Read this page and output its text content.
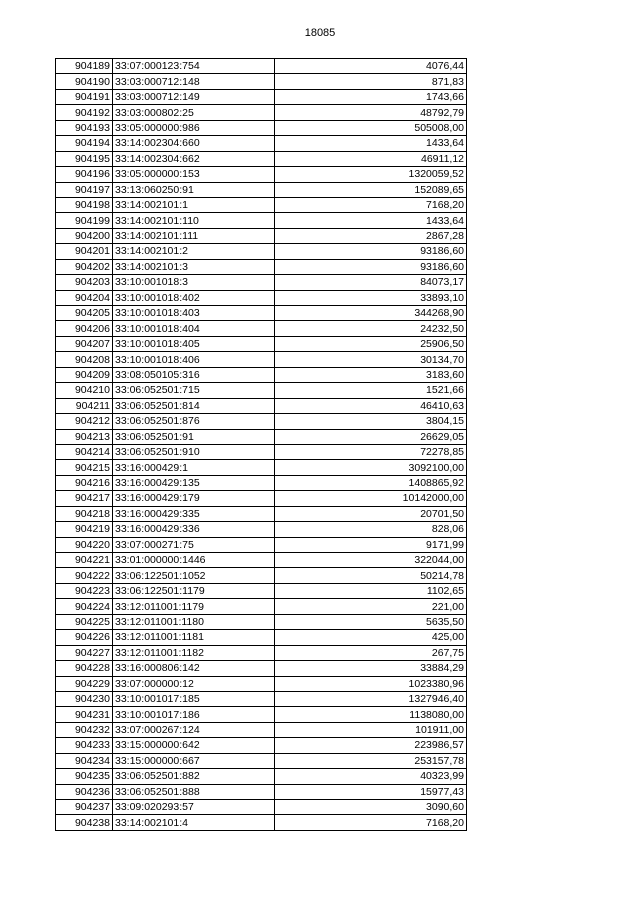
18085
904189	33:07:000123:754	4076,44
904190	33:03:000712:148	871,83
904191	33:03:000712:149	1743,66
904192	33:03:000802:25	48792,79
904193	33:05:000000:986	505008,00
904194	33:14:002304:660	1433,64
904195	33:14:002304:662	46911,12
904196	33:05:000000:153	1320059,52
904197	33:13:060250:91	152089,65
904198	33:14:002101:1	7168,20
904199	33:14:002101:110	1433,64
904200	33:14:002101:111	2867,28
904201	33:14:002101:2	93186,60
904202	33:14:002101:3	93186,60
904203	33:10:001018:3	84073,17
904204	33:10:001018:402	33893,10
904205	33:10:001018:403	344268,90
904206	33:10:001018:404	24232,50
904207	33:10:001018:405	25906,50
904208	33:10:001018:406	30134,70
904209	33:08:050105:316	3183,60
904210	33:06:052501:715	1521,66
904211	33:06:052501:814	46410,63
904212	33:06:052501:876	3804,15
904213	33:06:052501:91	26629,05
904214	33:06:052501:910	72278,85
904215	33:16:000429:1	3092100,00
904216	33:16:000429:135	1408865,92
904217	33:16:000429:179	10142000,00
904218	33:16:000429:335	20701,50
904219	33:16:000429:336	828,06
904220	33:07:000271:75	9171,99
904221	33:01:000000:1446	322044,00
904222	33:06:122501:1052	50214,78
904223	33:06:122501:1179	1102,65
904224	33:12:011001:1179	221,00
904225	33:12:011001:1180	5635,50
904226	33:12:011001:1181	425,00
904227	33:12:011001:1182	267,75
904228	33:16:000806:142	33884,29
904229	33:07:000000:12	1023380,96
904230	33:10:001017:185	1327946,40
904231	33:10:001017:186	1138080,00
904232	33:07:000267:124	101911,00
904233	33:15:000000:642	223986,57
904234	33:15:000000:667	253157,78
904235	33:06:052501:882	40323,99
904236	33:06:052501:888	15977,43
904237	33:09:020293:57	3090,60
904238	33:14:002101:4	7168,20
